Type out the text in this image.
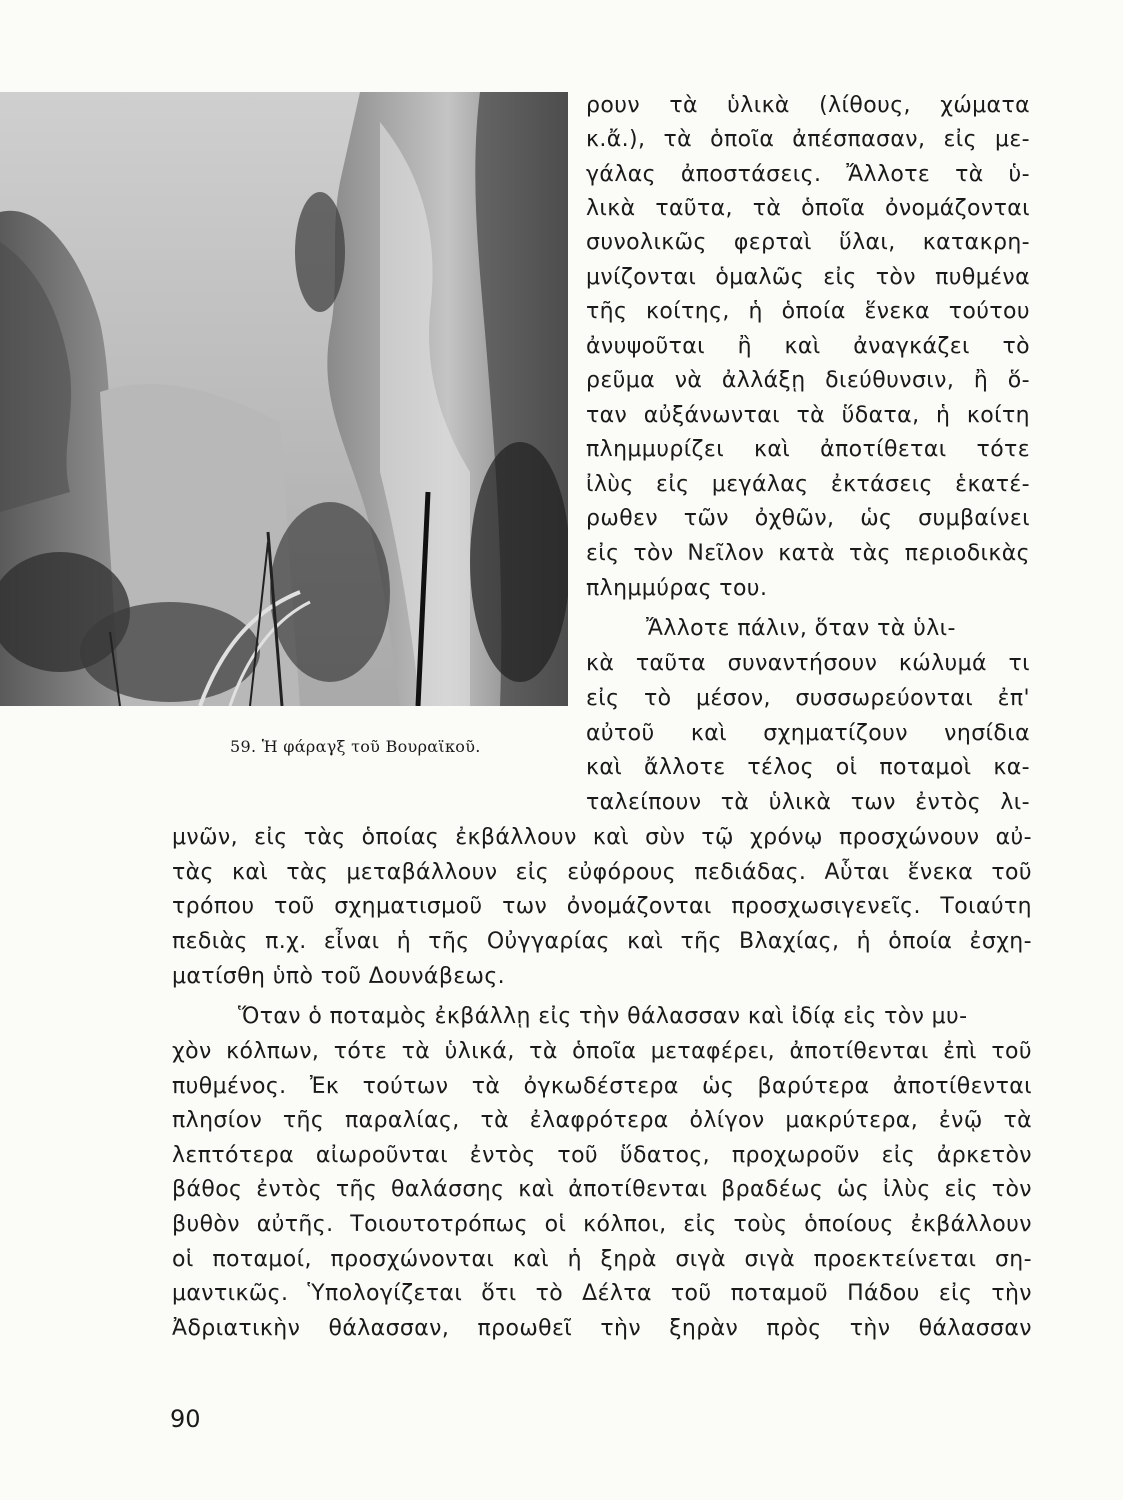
59. Ἡ φάραγξ τοῦ Βουραϊκοῦ.
ρουν τὰ ὑλικὰ (λίθους, χώματα
κ.ἄ.), τὰ ὁποῖα ἀπέσπασαν, εἰς με-
γάλας ἀποστάσεις. Ἄλλοτε τὰ ὑ-
λικὰ ταῦτα, τὰ ὁποῖα ὀνομάζονται
συνολικῶς φερταὶ ὕλαι, κατακρη-
μνίζονται ὁμαλῶς εἰς τὸν πυθμένα
τῆς κοίτης, ἡ ὁποία ἕνεκα τούτου
ἀνυψοῦται ἢ καὶ ἀναγκάζει τὸ
ρεῦμα νὰ ἀλλάξῃ διεύθυνσιν, ἢ ὅ-
ταν αὐξάνωνται τὰ ὕδατα, ἡ κοίτη
πλημμυρίζει καὶ ἀποτίθεται τότε
ἰλὺς εἰς μεγάλας ἐκτάσεις ἑκατέ-
ρωθεν τῶν ὀχθῶν, ὡς συμβαίνει
εἰς τὸν Νεῖλον κατὰ τὰς περιοδικὰς
πλημμύρας του.
Ἄλλοτε πάλιν, ὅταν τὰ ὑλι-
κὰ ταῦτα συναντήσουν κώλυμά τι
εἰς τὸ μέσον, συσσωρεύονται ἐπ'
αὐτοῦ καὶ σχηματίζουν νησίδια
καὶ ἄλλοτε τέλος οἱ ποταμοὶ κα-
ταλείπουν τὰ ὑλικὰ των ἐντὸς λι-
μνῶν, εἰς τὰς ὁποίας ἐκβάλλουν καὶ σὺν τῷ χρόνῳ προσχώνουν αὐ-
τὰς καὶ τὰς μεταβάλλουν εἰς εὐφόρους πεδιάδας. Αὗται ἕνεκα τοῦ
τρόπου τοῦ σχηματισμοῦ των ὀνομάζονται προσχωσιγενεῖς. Τοιαύτη
πεδιὰς π.χ. εἶναι ἡ τῆς Οὐγγαρίας καὶ τῆς Βλαχίας, ἡ ὁποία ἐσχη-
ματίσθη ὑπὸ τοῦ Δουνάβεως.
Ὅταν ὁ ποταμὸς ἐκβάλλῃ εἰς τὴν θάλασσαν καὶ ἰδίᾳ εἰς τὸν μυ-
χὸν κόλπων, τότε τὰ ὑλικά, τὰ ὁποῖα μεταφέρει, ἀποτίθενται ἐπὶ τοῦ
πυθμένος. Ἐκ τούτων τὰ ὀγκωδέστερα ὡς βαρύτερα ἀποτίθενται
πλησίον τῆς παραλίας, τὰ ἐλαφρότερα ὀλίγον μακρύτερα, ἐνῷ τὰ
λεπτότερα αἰωροῦνται ἐντὸς τοῦ ὕδατος, προχωροῦν εἰς ἀρκετὸν
βάθος ἐντὸς τῆς θαλάσσης καὶ ἀποτίθενται βραδέως ὡς ἰλὺς εἰς τὸν
βυθὸν αὐτῆς. Τοιουτοτρόπως οἱ κόλποι, εἰς τοὺς ὁποίους ἐκβάλλουν
οἱ ποταμοί, προσχώνονται καὶ ἡ ξηρὰ σιγὰ σιγὰ προεκτείνεται ση-
μαντικῶς. Ὑπολογίζεται ὅτι τὸ Δέλτα τοῦ ποταμοῦ Πάδου εἰς τὴν
Ἀδριατικὴν θάλασσαν, προωθεῖ τὴν ξηρὰν πρὸς τὴν θάλασσαν
90
